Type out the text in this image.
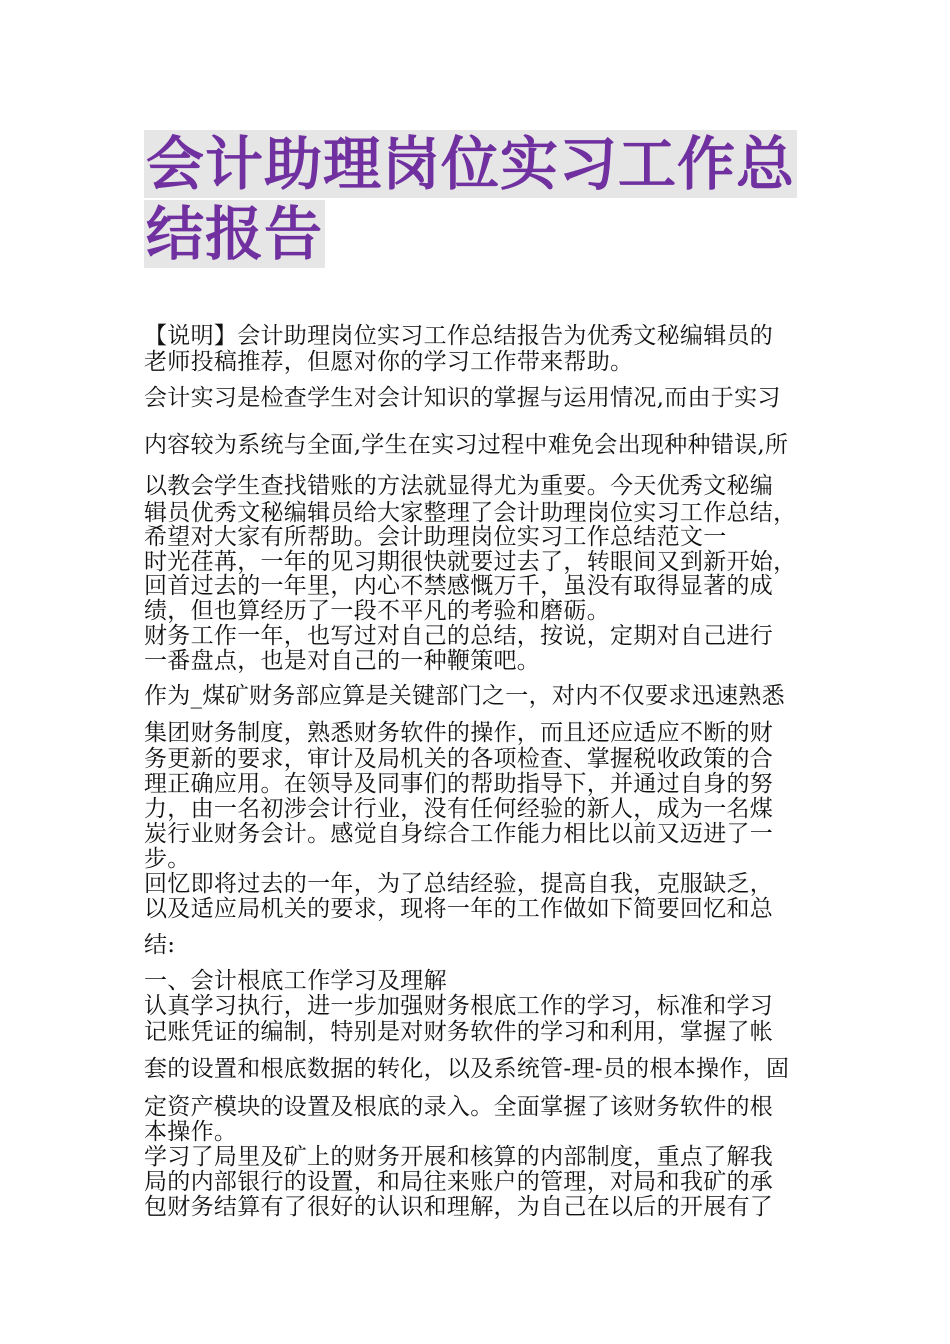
会计助理岗位实习工作总
结报告
【说明】会计助理岗位实习工作总结报告为优秀文秘编辑员的
老师投稿推荐，但愿对你的学习工作带来帮助。
会计实习是检查学生对会计知识的掌握与运用情况,而由于实习
内容较为系统与全面,学生在实习过程中难免会出现种种错误,所
以教会学生查找错账的方法就显得尤为重要。今天优秀文秘编
辑员优秀文秘编辑员给大家整理了会计助理岗位实习工作总结，
希望对大家有所帮助。会计助理岗位实习工作总结范文一
时光荏苒，一年的见习期很快就要过去了，转眼间又到新开始，
回首过去的一年里，内心不禁感慨万千，虽没有取得显著的成
绩，但也算经历了一段不平凡的考验和磨砺。
财务工作一年，也写过对自己的总结，按说，定期对自己进行
一番盘点，也是对自己的一种鞭策吧。
作为_煤矿财务部应算是关键部门之一，对内不仅要求迅速熟悉
集团财务制度，熟悉财务软件的操作，而且还应适应不断的财
务更新的要求，审计及局机关的各项检查、掌握税收政策的合
理正确应用。在领导及同事们的帮助指导下，并通过自身的努
力，由一名初涉会计行业，没有任何经验的新人，成为一名煤
炭行业财务会计。感觉自身综合工作能力相比以前又迈进了一
步。
回忆即将过去的一年，为了总结经验，提高自我，克服缺乏，
以及适应局机关的要求，现将一年的工作做如下简要回忆和总
结:
一、会计根底工作学习及理解
认真学习执行，进一步加强财务根底工作的学习，标准和学习
记账凭证的编制，特别是对财务软件的学习和利用，掌握了帐
套的设置和根底数据的转化，以及系统管-理-员的根本操作，固
定资产模块的设置及根底的录入。全面掌握了该财务软件的根
本操作。
学习了局里及矿上的财务开展和核算的内部制度，重点了解我
局的内部银行的设置，和局往来账户的管理，对局和我矿的承
包财务结算有了很好的认识和理解，为自己在以后的开展有了
